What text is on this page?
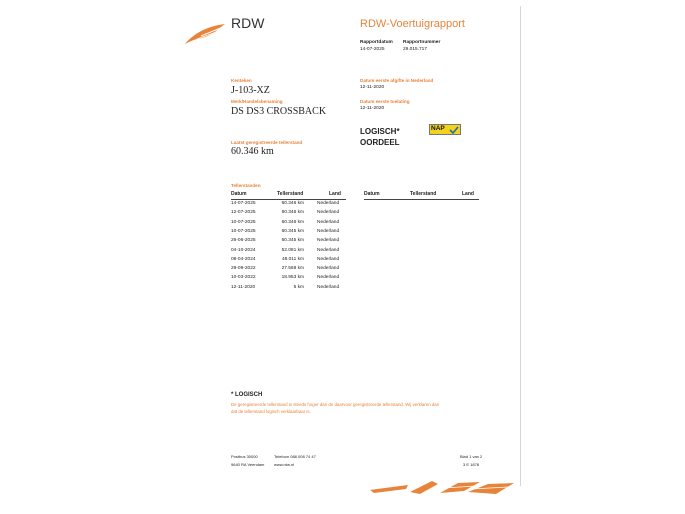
RDW	RDW-Voertuigrapport
Rapportdatum
14-07-2025
Rapportnummer
29.015.717
Kenteken
J-103-XZ
Merk/Handelsbenaming
DS DS3 CROSSBACK
Laatst geregistreerde tellerstand
60.346 km
Datum eerste afgifte in Nederland
12-11-2020
Datum eerste toelating
12-11-2020
LOGISCH*
OORDEEL
NAP
Tellerstanden
Datum	Tellerstand	Land	Datum	Tellerstand	Land
14-07-2025	60.346 km	Nederland
12-07-2025	60.346 km	Nederland
10-07-2025	60.346 km	Nederland
10-07-2025	60.345 km	Nederland
26-06-2025	60.345 km	Nederland
04-10-2024	52.081 km	Nederland
08-04-2024	48.011 km	Nederland
29-09-2022	27.568 km	Nederland
10-03-2022	18.953 km	Nederland
12-11-2020	5 km	Nederland
* LOGISCH
De geregistreerde tellerstand is steeds hoger dan de daarvoor geregistreerde tellerstand. Wij verklaren dan
dat de tellerstand logisch verklaarbaar is.
Postbus 30000
9640 RA Veendam
Telefoon 088 008 74 47
www.rdw.nl
Blad 1 van 2
3 E 1878
